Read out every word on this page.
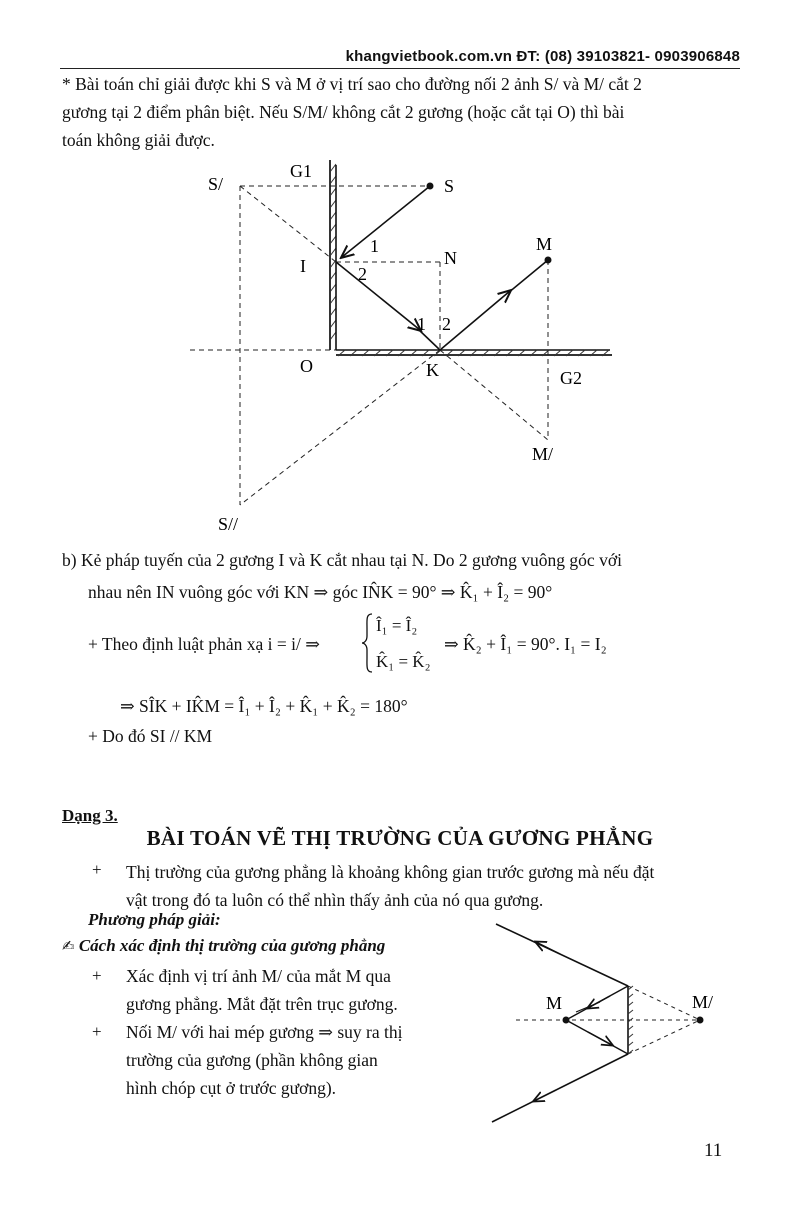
khangvietbook.com.vn ĐT: (08) 39103821- 0903906848
* Bài toán chỉ giải được khi S và M ở vị trí sao cho đường nối 2 ảnh S/ và M/ cắt 2
gương tại 2 điểm phân biệt. Nếu S/M/ không cắt 2 gương (hoặc cắt tại O) thì bài
toán không giải được.
S/
G1
S
I
1
2
N
M
1 2
O	K	G2
M/
S//
b) Kẻ pháp tuyến của 2 gương I và K cắt nhau tại N. Do 2 gương vuông góc với
nhau nên IN vuông góc với KN ⇒ góc IN̂K = 90° ⇒ K̂₁ + Î₂ = 90°
+ Theo định luật phản xạ i = i/ ⇒
Î₁ = Î₂
K̂₁ = K̂₂
⇒ K̂₂ + Î₁ = 90°. I₁ = I₂
⇒ SÎK + IK̂M = Î₁ + Î₂ + K̂₁ + K̂₂ = 180°
+ Do đó SI // KM
Dạng 3.
BÀI TOÁN VẼ THỊ TRƯỜNG CỦA GƯƠNG PHẲNG
+ Thị trường của gương phẳng là khoảng không gian trước gương mà nếu đặt
vật trong đó ta luôn có thể nhìn thấy ảnh của nó qua gương.
Phương pháp giải:
✍ Cách xác định thị trường của gương phẳng
+ Xác định vị trí ảnh M/ của mắt M qua
gương phẳng. Mắt đặt trên trục gương.
+ Nối M/ với hai mép gương ⇒ suy ra thị
trường của gương (phần không gian
hình chóp cụt ở trước gương).
M	M/
11
